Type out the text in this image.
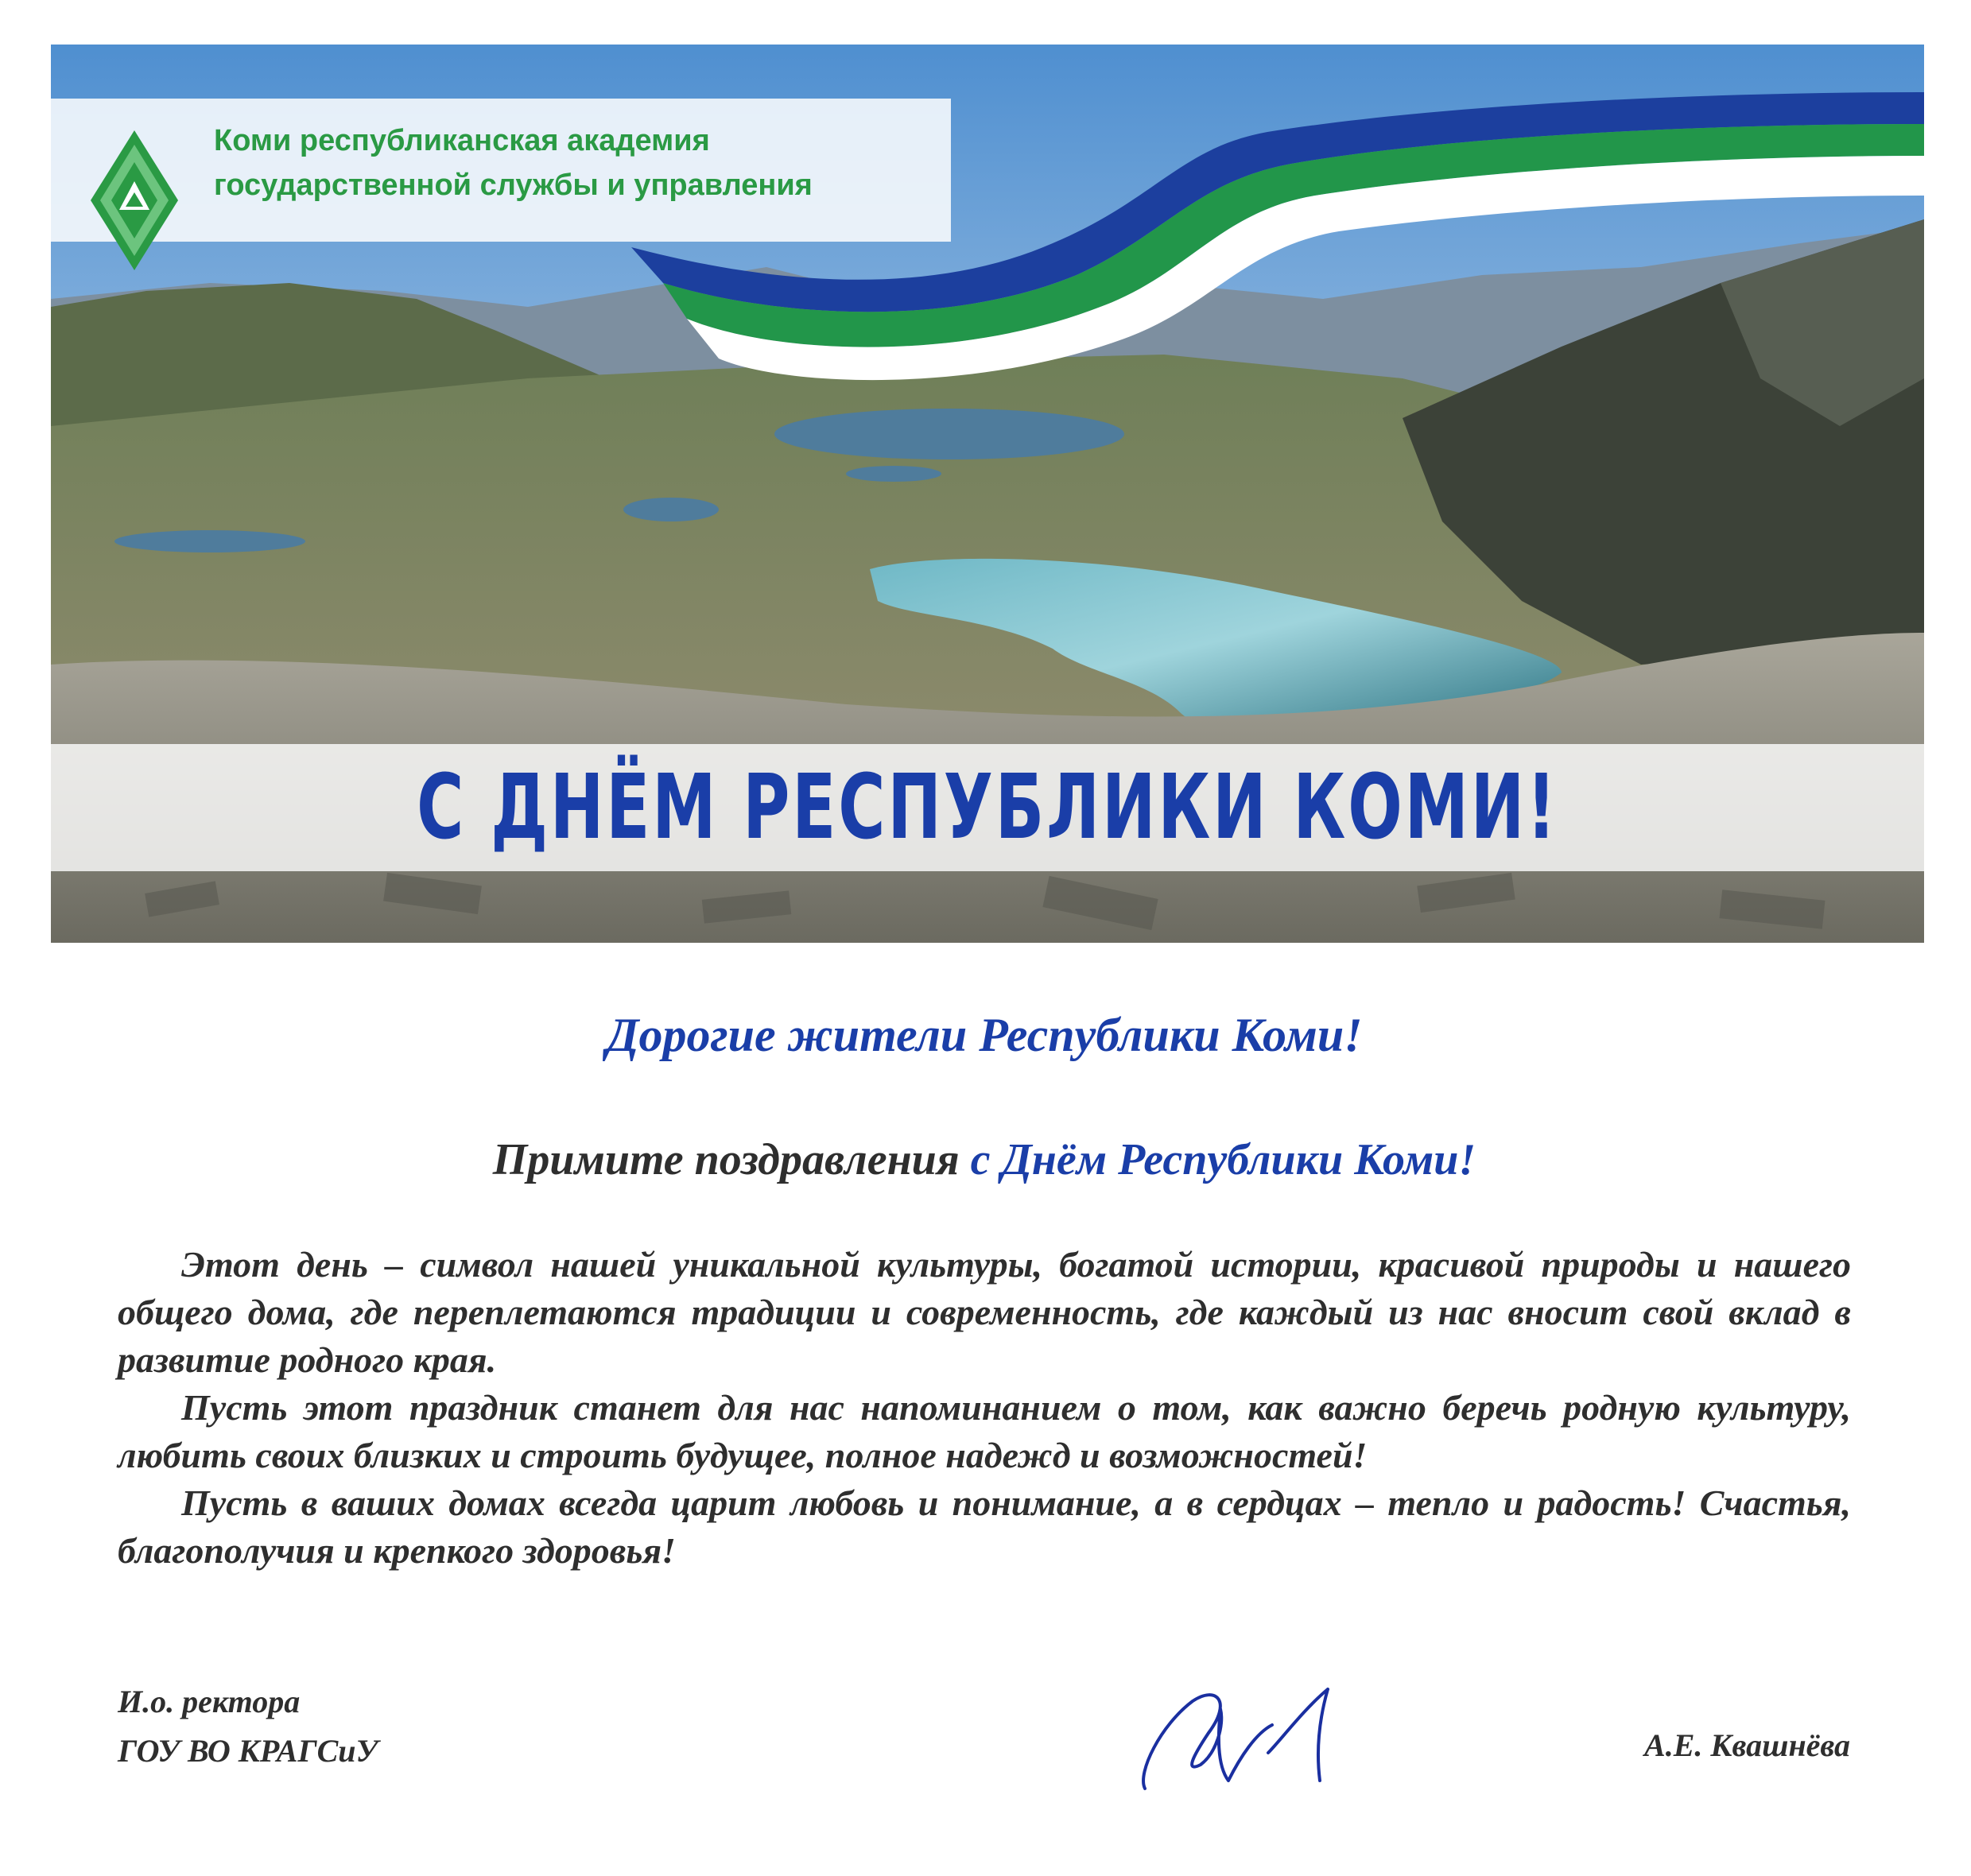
Коми республиканская академия
государственной службы и управления
С ДНЁМ РЕСПУБЛИКИ КОМИ!
Дорогие жители Республики Коми!
Примите поздравления с Днём Республики Коми!

Этот день – символ нашей уникальной культуры, богатой истории, красивой природы и нашего общего дома, где переплетаются традиции и современность, где каждый из нас вносит свой вклад в развитие родного края.

Пусть этот праздник станет для нас напоминанием о том, как важно беречь родную культуру, любить своих близких и строить будущее, полное надежд и возможностей!

Пусть в ваших домах всегда царит любовь и понимание, а в сердцах – тепло и радость! Счастья, благополучия и крепкого здоровья!

И.о. ректора
ГОУ ВО КРАГСиУ	А.Е. Квашнёва
